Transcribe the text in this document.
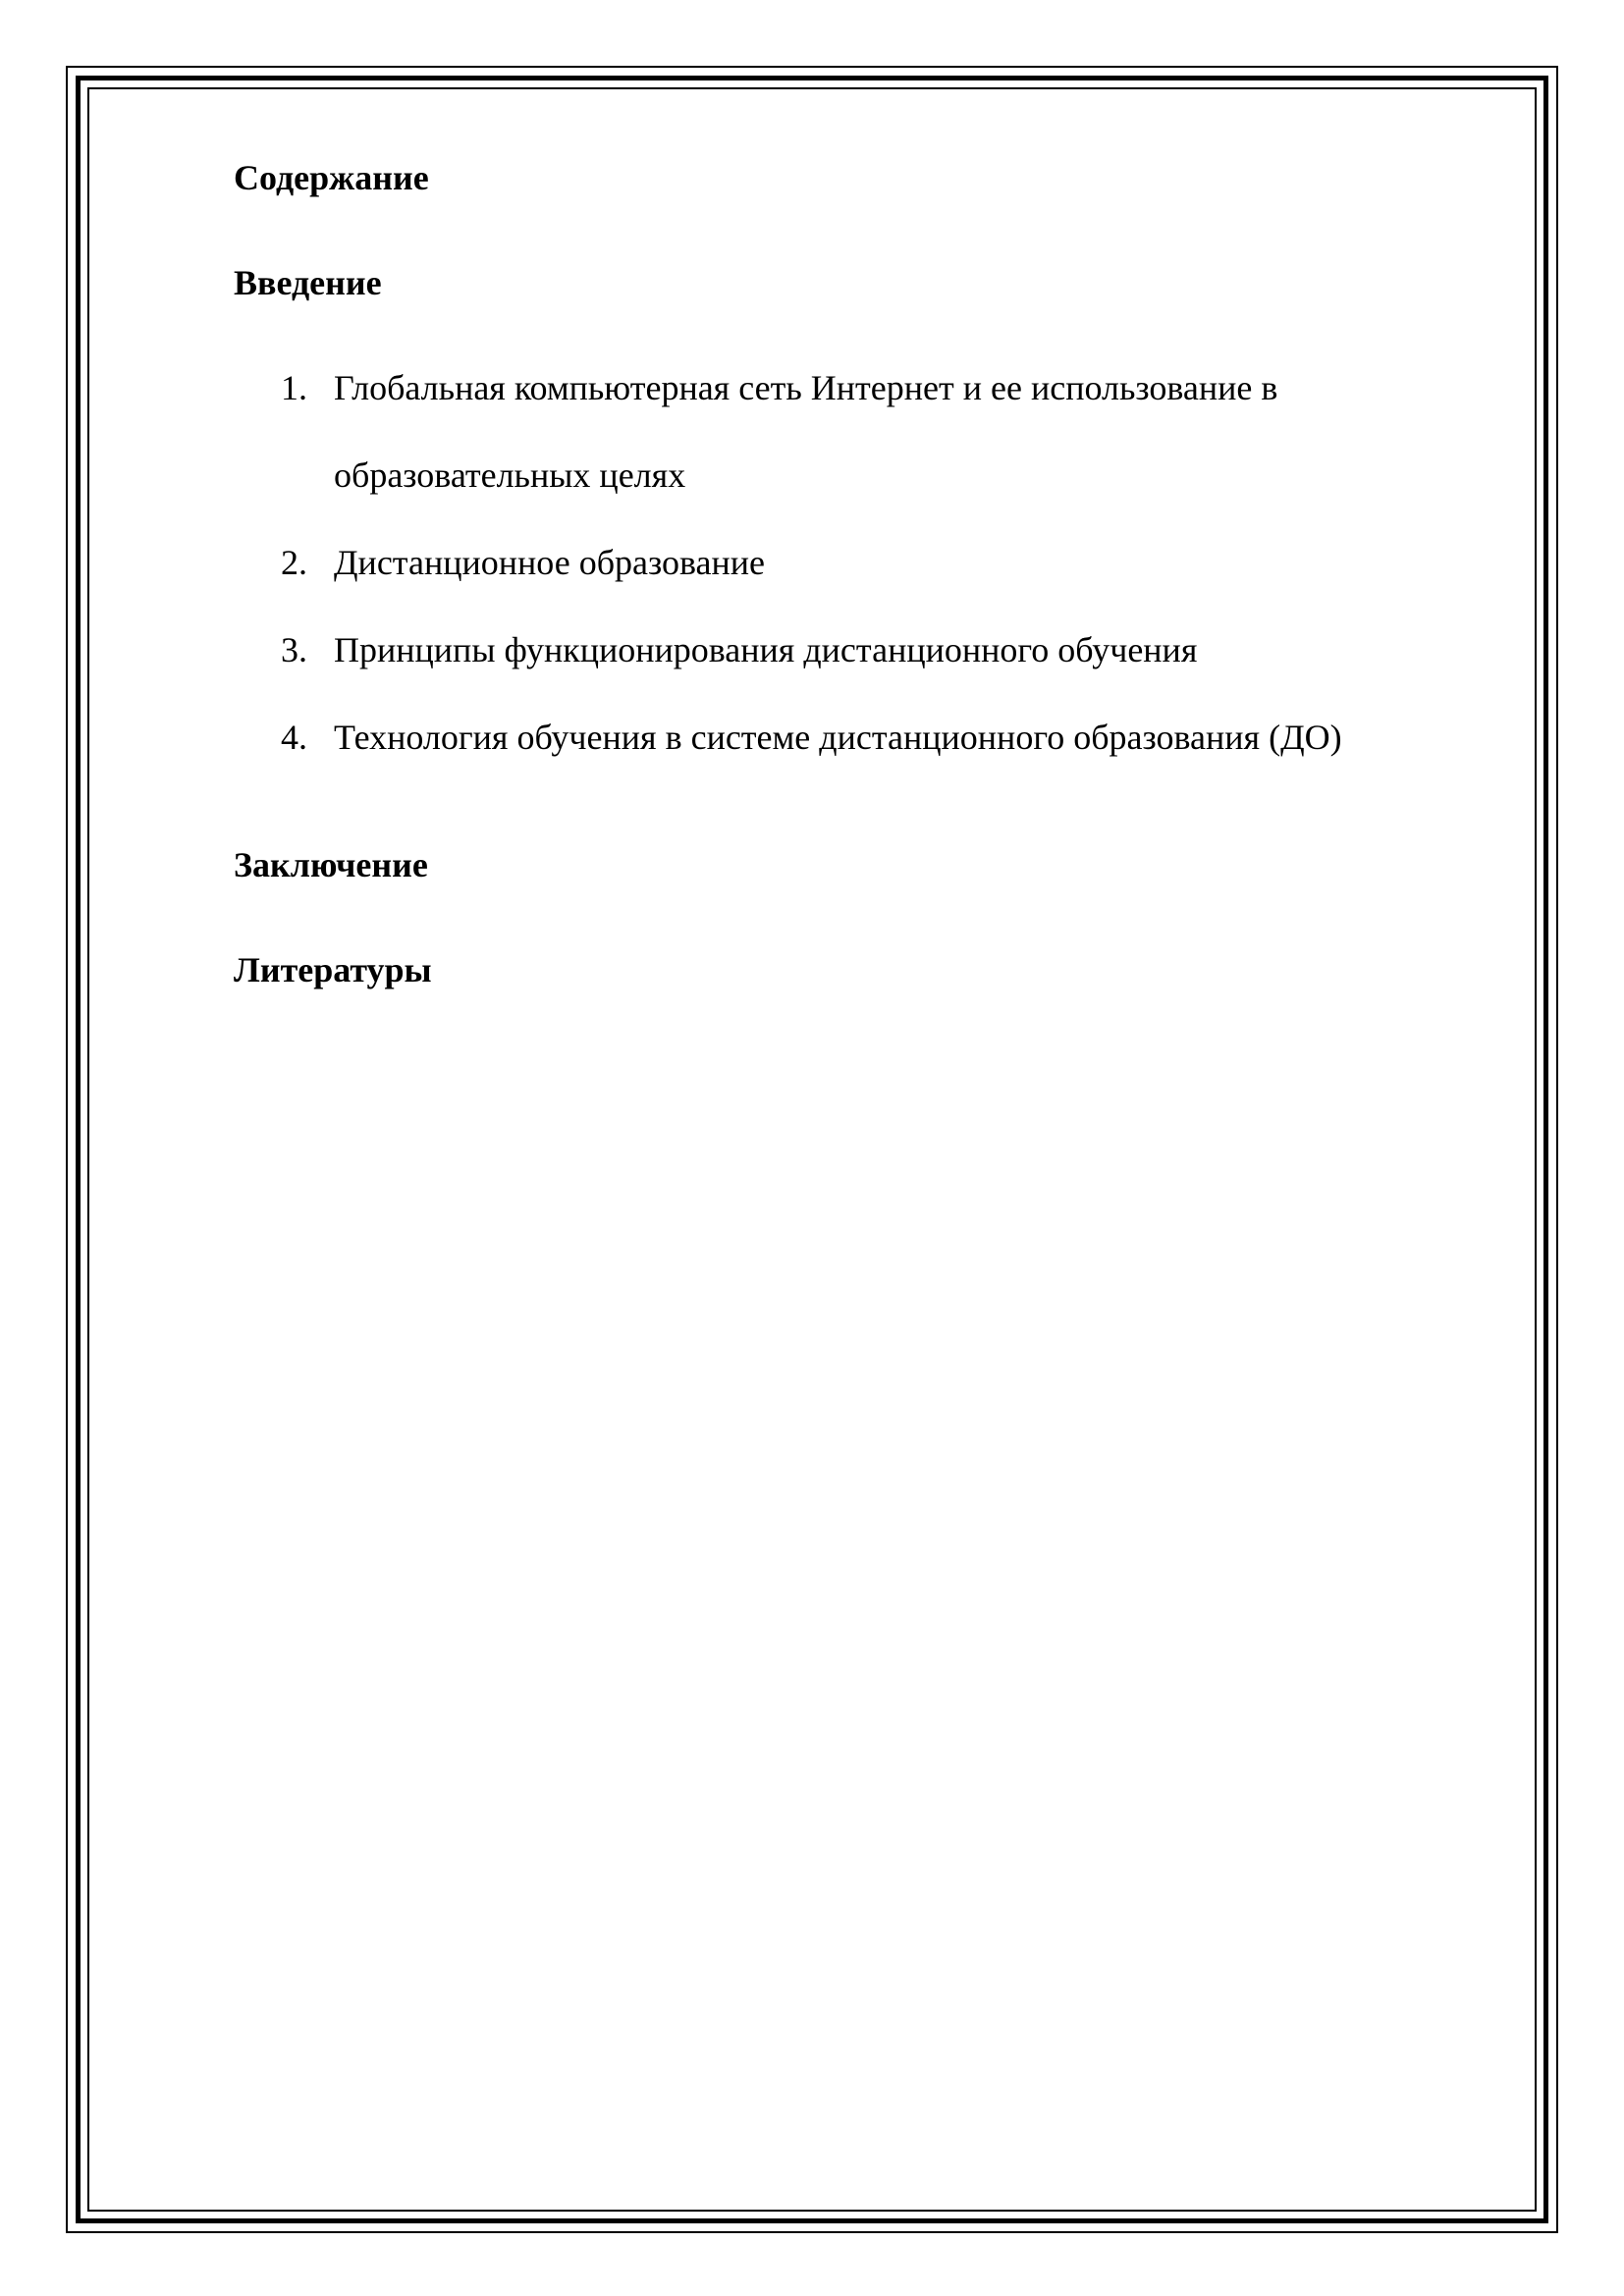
Содержание
Введение
1. Глобальная компьютерная сеть Интернет и ее использование в
образовательных целях
2. Дистанционное образование
3. Принципы функционирования дистанционного обучения
4. Технология обучения в системе дистанционного образования (ДО)
Заключение
Литературы
